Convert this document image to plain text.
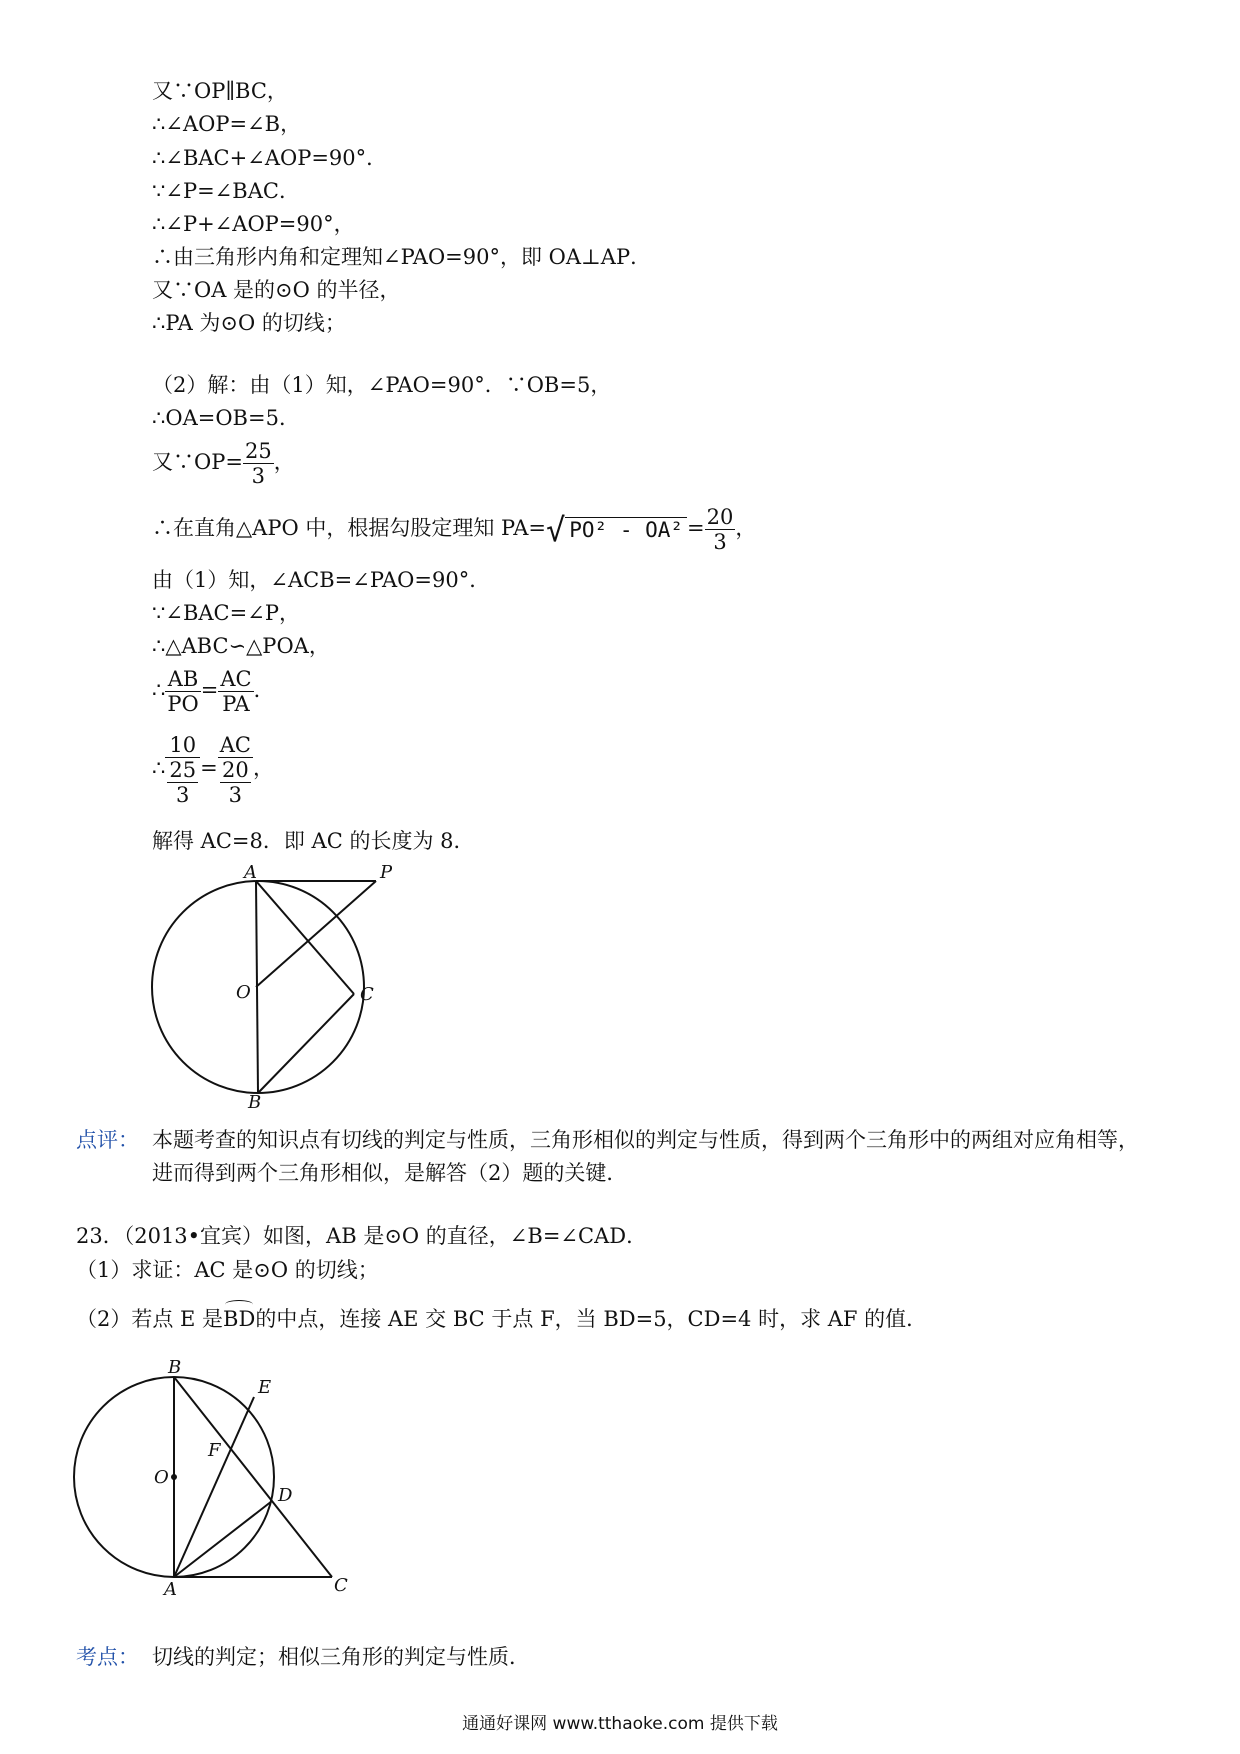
又∵OP∥BC，
∴∠AOP=∠B，
∴∠BAC+∠AOP=90°．
∵∠P=∠BAC．
∴∠P+∠AOP=90°，
∴由三角形内角和定理知∠PAO=90°，即 OA⊥AP．
又∵OA 是的⊙O 的半径，
∴PA 为⊙O 的切线；
（2）解：由（1）知，∠PAO=90°．∵OB=5，
∴OA=OB=5．
又∵OP= $\frac{25}{3}$ ，
∴在直角△APO 中，根据勾股定理知 PA=√ $PO^2 - OA^2 = \frac{20}{3}$ ，
由（1）知，∠ACB=∠PAO=90°．
∵∠BAC=∠P，
∴△ABC∽△POA，
∴ $\frac{AB}{PO} = \frac{AC}{PA}$ ．
∴ $\frac{10}{\frac{25}{3}} = \frac{AC}{\frac{20}{3}}$ ，
解得 AC=8．即 AC 的长度为 8．
A	P
O	C
B
点评： 本题考查的知识点有切线的判定与性质，三角形相似的判定与性质，得到两个三角形中的两组对应角相等，
进而得到两个三角形相似，是解答（2）题的关键．
23．（2013•宜宾）如图，AB 是⊙O 的直径，∠B=∠CAD．
（1）求证：AC 是⊙O 的切线；
（2）若点 E 是BD的中点，连接 AE 交 BC 于点 F，当 BD=5，CD=4 时，求 AF 的值．
B
E
F
O
D
A	C
考点： 切线的判定；相似三角形的判定与性质．
通通好课网 www.tthaoke.com 提供下载
